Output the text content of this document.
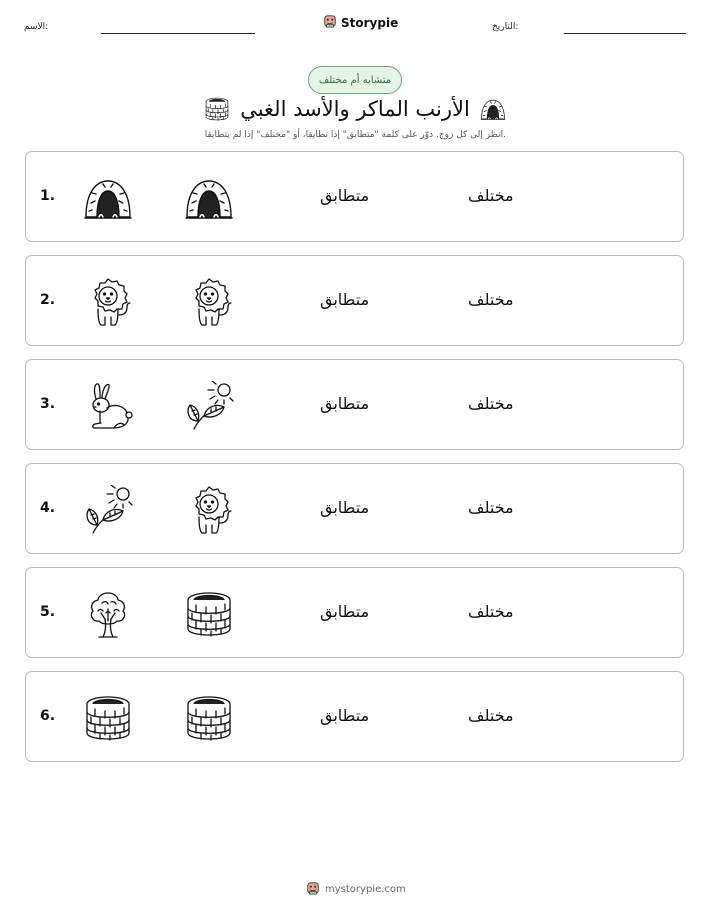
الاسم:	Storypie	التاريخ:
متشابه أم مختلف
الأرنب الماكر والأسد الغبي
انظر إلى كل زوج. دوّر على كلمة "متطابق" إذا تطابقا، أو "مختلف" إذا لم يتطابقا.
1.	متطابق	مختلف
2.	متطابق	مختلف
3.	متطابق	مختلف
4.	متطابق	مختلف
5.	متطابق	مختلف
6.	متطابق	مختلف
mystorypie.com
